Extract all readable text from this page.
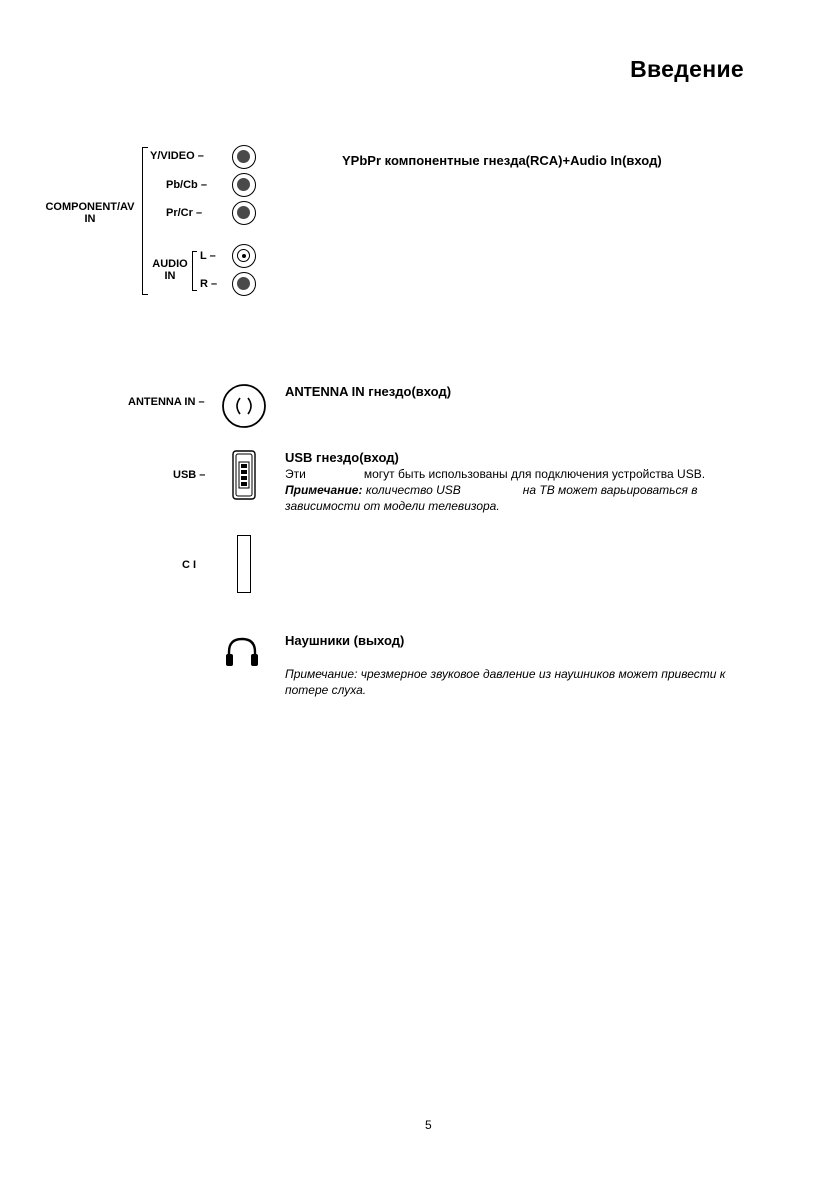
Введение
COMPONENT/AV
IN
Y/VIDEO –
Pb/Cb –
Pr/Cr –
AUDIO
IN
L –
R –
YPbPr компонентные гнезда(RCA)+Audio In(вход)
ANTENNA IN –
ANTENNA IN гнездо(вход)
USB –
USB гнездо(вход)
Эти	могут быть использованы для подключения устройства USB.
Примечание: количество USB	на ТВ может варьироваться в
зависимости от модели телевизора.
C I
Наушники (выход)
Примечание: чрезмерное звуковое давление из наушников может привести к
потере слуха.
5
